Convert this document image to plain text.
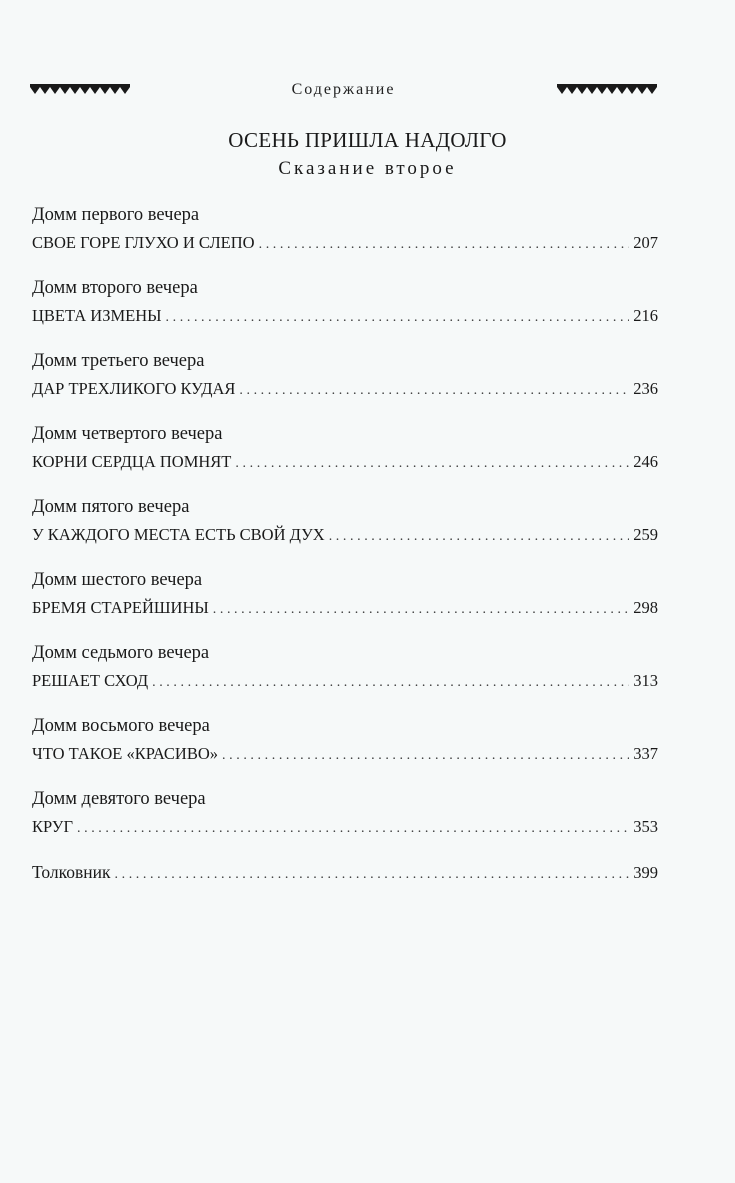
Содержание
ОСЕНЬ ПРИШЛА НАДОЛГО
Сказание второе
Домм первого вечера
СВОЕ ГОРЕ ГЛУХО И СЛЕПО .....	207
Домм второго вечера
ЦВЕТА ИЗМЕНЫ .....	216
Домм третьего вечера
ДАР ТРЕХЛИКОГО КУДАЯ .....	236
Домм четвертого вечера
КОРНИ СЕРДЦА ПОМНЯТ .....	246
Домм пятого вечера
У КАЖДОГО МЕСТА ЕСТЬ СВОЙ ДУХ .....	259
Домм шестого вечера
БРЕМЯ СТАРЕЙШИНЫ .....	298
Домм седьмого вечера
РЕШАЕТ СХОД .....	313
Домм восьмого вечера
ЧТО ТАКОЕ «КРАСИВО» .....	337
Домм девятого вечера
КРУГ .....	353
Толковник .....	399
